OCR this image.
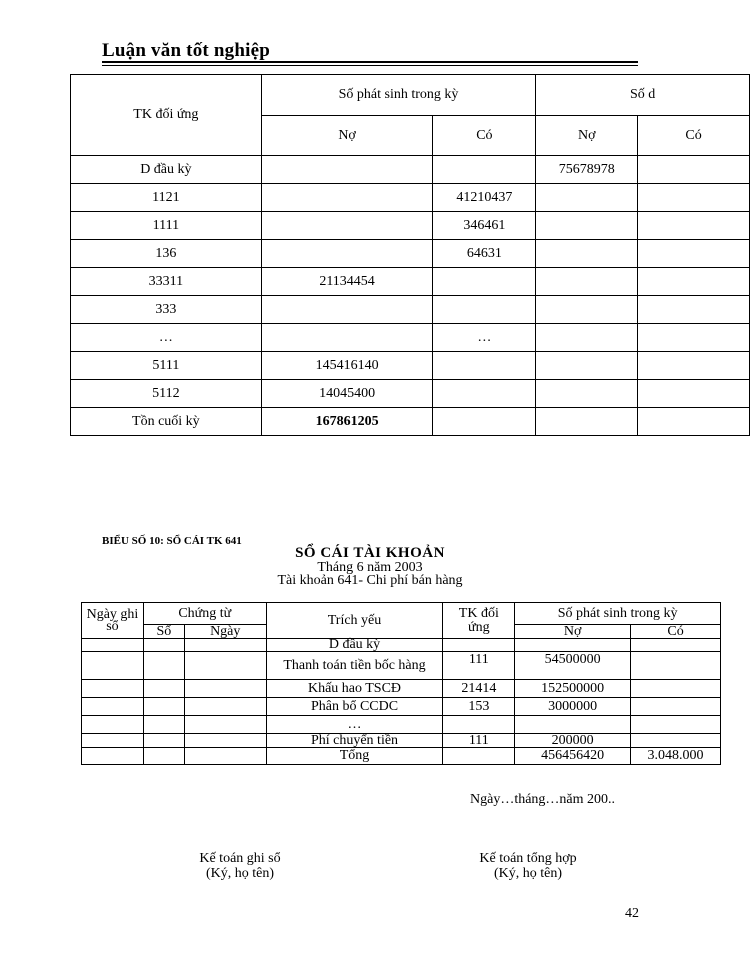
Luận văn tốt nghiệp
TK đối ứng	Số phát sinh trong kỳ		Số d	
	Nợ	Có	Nợ	Có
D đầu kỳ			75678978	
1121		41210437		
1111		346461		
136		64631		
33311	21134454			
333				
…		…		
5111	145416140			
5112	14045400			
Tồn cuối kỳ	167861205			
BIỂU SỐ 10: SỔ CÁI TK 641
SỔ CÁI TÀI KHOẢN
Tháng 6 năm 2003
Tài khoản 641- Chi phí bán hàng
Ngày ghi sổ	Chứng từ		Trích yếu	TK đối ứng	Số phát sinh trong kỳ	
	Số	Ngày			Nợ	Có
			D đầu kỳ			
			Thanh toán tiền bốc hàng	111	54500000	
			Khấu hao TSCĐ	21414	152500000	
			Phân bổ CCDC	153	3000000	
			…			
			Phí chuyển tiền	111	200000	
			Tổng		456456420	3.048.000
Ngày…tháng…năm 200..
Kế toán ghi sổ
(Ký, họ tên)
Kế toán tổng hợp
(Ký, họ tên)
42
